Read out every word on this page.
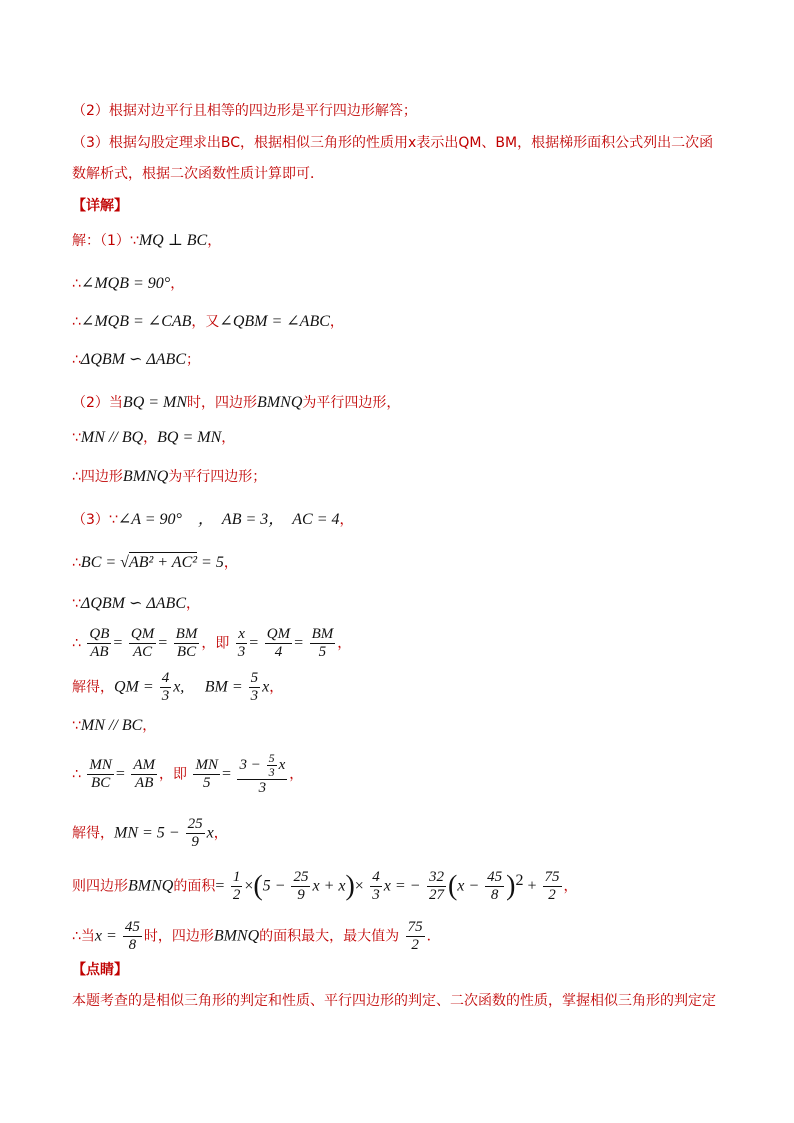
（2）根据对边平行且相等的四边形是平行四边形解答；
（3）根据勾股定理求出BC，根据相似三角形的性质用x表示出QM、BM，根据梯形面积公式列出二次函
数解析式，根据二次函数性质计算即可．
【详解】
解：（1）∵MQ ⊥ BC，
∴∠MQB = 90°，
∴∠MQB = ∠CAB，又∠QBM = ∠ABC，
∴ΔQBM ∽ ΔABC；
（2）当BQ = MN时，四边形BMNQ为平行四边形，
∵MN // BQ，BQ = MN，
∴四边形BMNQ为平行四边形；
（3）∵∠A = 90°　，　AB = 3，　AC = 4，
∴BC = √AB² + AC² = 5，
∵ΔQBM ∽ ΔABC，
∴ $\frac{QB}{AB} = \frac{QM}{AC} = \frac{BM}{BC}$ ，即 $\frac{x}{3} = \frac{QM}{4} = \frac{BM}{5}$ ，
解得，QM = $\frac{4}{3} x$,　 BM = $\frac{5}{3}$ x，
∵MN // BC，
∴ $\frac{MN}{BC} = \frac{AM}{AB}$ ，即 $\frac{MN}{5} = \frac{3 - \frac{5}{3} x}{3}$ ，
解得，MN = $5 - \frac{25}{9}$ x，
则四边形BMNQ的面积= $\frac{1}{2} \times(5 - \frac{25}{9}$ $x + x)\times \frac{4}{3}$ x = − $\frac{32}{27} (x - \frac{45}{8} )^2 + \frac{75}{2}$ ，
∴当$x = \frac{45}{8}$ 时，四边形BMNQ的面积最大，最大值为 $\frac{75}{2}$ ．
【点睛】
本题考查的是相似三角形的判定和性质、平行四边形的判定、二次函数的性质，掌握相似三角形的判定定
